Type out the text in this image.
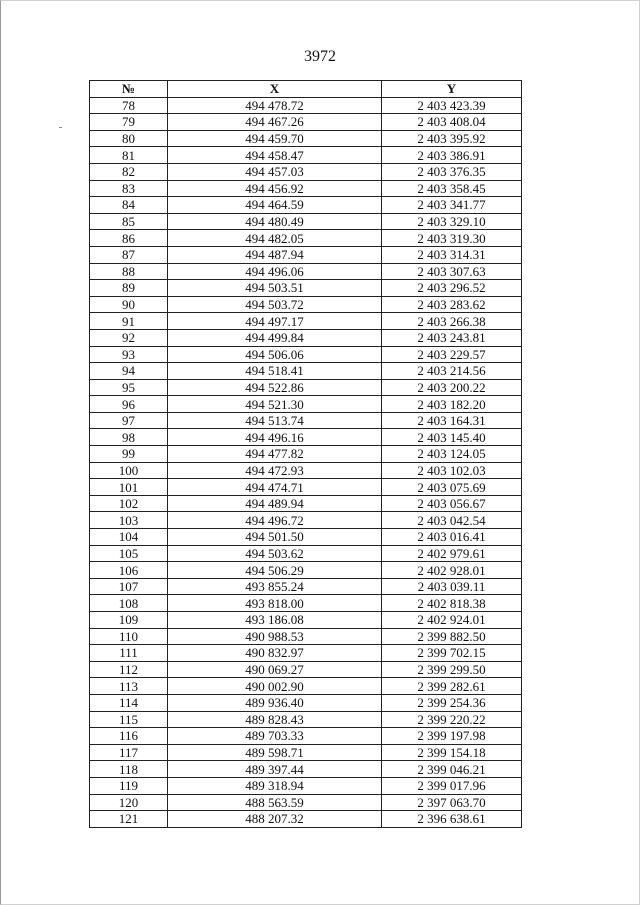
3972
№	X	Y
78	494 478.72	2 403 423.39
79	494 467.26	2 403 408.04
80	494 459.70	2 403 395.92
81	494 458.47	2 403 386.91
82	494 457.03	2 403 376.35
83	494 456.92	2 403 358.45
84	494 464.59	2 403 341.77
85	494 480.49	2 403 329.10
86	494 482.05	2 403 319.30
87	494 487.94	2 403 314.31
88	494 496.06	2 403 307.63
89	494 503.51	2 403 296.52
90	494 503.72	2 403 283.62
91	494 497.17	2 403 266.38
92	494 499.84	2 403 243.81
93	494 506.06	2 403 229.57
94	494 518.41	2 403 214.56
95	494 522.86	2 403 200.22
96	494 521.30	2 403 182.20
97	494 513.74	2 403 164.31
98	494 496.16	2 403 145.40
99	494 477.82	2 403 124.05
100	494 472.93	2 403 102.03
101	494 474.71	2 403 075.69
102	494 489.94	2 403 056.67
103	494 496.72	2 403 042.54
104	494 501.50	2 403 016.41
105	494 503.62	2 402 979.61
106	494 506.29	2 402 928.01
107	493 855.24	2 403 039.11
108	493 818.00	2 402 818.38
109	493 186.08	2 402 924.01
110	490 988.53	2 399 882.50
111	490 832.97	2 399 702.15
112	490 069.27	2 399 299.50
113	490 002.90	2 399 282.61
114	489 936.40	2 399 254.36
115	489 828.43	2 399 220.22
116	489 703.33	2 399 197.98
117	489 598.71	2 399 154.18
118	489 397.44	2 399 046.21
119	489 318.94	2 399 017.96
120	488 563.59	2 397 063.70
121	488 207.32	2 396 638.61
